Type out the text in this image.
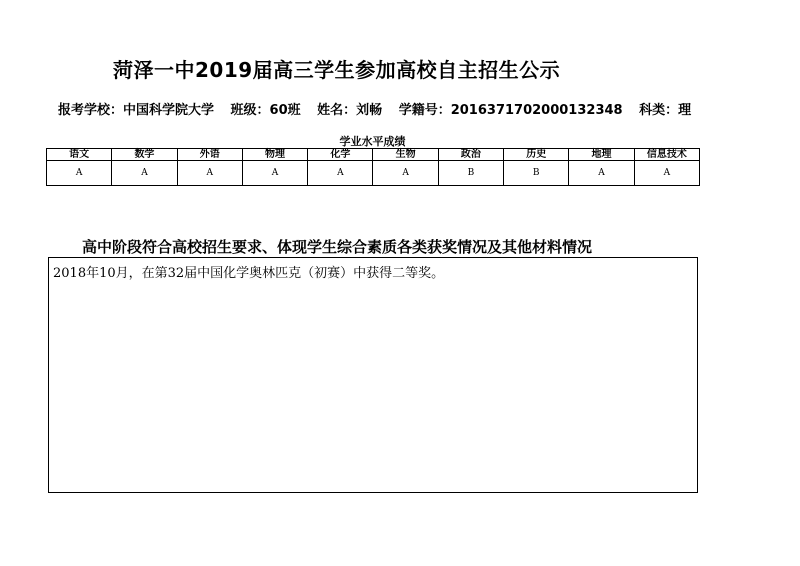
菏泽一中2019届高三学生参加高校自主招生公示
报考学校：中国科学院大学 班级：60班 姓名：刘畅 学籍号：2016371702000132348 科类：理
学业水平成绩
语文	数学	外语	物理	化学	生物	政治	历史	地理	信息技术
A	A	A	A	A	A	B	B	A	A
高中阶段符合高校招生要求、体现学生综合素质各类获奖情况及其他材料情况
2018年10月，在第32届中国化学奥林匹克（初赛）中获得二等奖。
